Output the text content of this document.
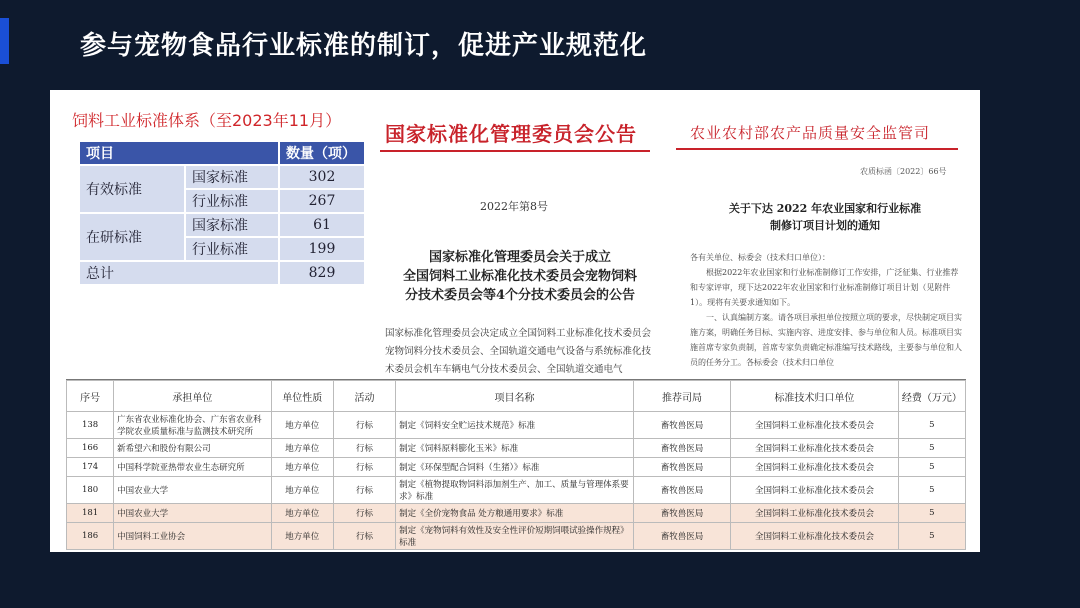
参与宠物食品行业标准的制订，促进产业规范化
饲料工业标准体系（至2023年11月）
项目		数量（项）
有效标准	国家标准	302
	行业标准	267
在研标准	国家标准	61
	行业标准	199
总计		829
国家标准化管理委员会公告
2022年第8号
国家标准化管理委员会关于成立
全国饲料工业标准化技术委员会宠物饲料
分技术委员会等4个分技术委员会的公告
国家标准化管理委员会决定成立全国饲料工业标准化技术委员会宠物饲料分技术委员会、全国轨道交通电气设备与系统标准化技术委员会机车车辆电气分技术委员会、全国轨道交通电气
农业农村部农产品质量安全监管司
农质标函〔2022〕66号
关于下达 2022 年农业国家和行业标准
制修订项目计划的通知

各有关单位、标委会（技术归口单位）：

根据2022年农业国家和行业标准制修订工作安排，广泛征集、行业推荐和专家评审，现下达2022年农业国家和行业标准制修订项目计划（见附件1）。现将有关要求通知如下。

一、认真编制方案。请各项目承担单位按照立项的要求，尽快制定项目实施方案，明确任务目标、实施内容、进度安排、参与单位和人员。标准项目实施首席专家负责制，首席专家负责确定标准编写技术路线，主要参与单位和人员的任务分工。各标委会（技术归口单位

序号	承担单位	单位性质	活动	项目名称	推荐司局	标准技术归口单位	经费（万元）
138	广东省农业标准化协会、广东省农业科学院农业质量标准与监测技术研究所	地方单位	行标	制定《饲料安全贮运技术规范》标准	畜牧兽医局	全国饲料工业标准化技术委员会	5
166	新希望六和股份有限公司	地方单位	行标	制定《饲料原料膨化玉米》标准	畜牧兽医局	全国饲料工业标准化技术委员会	5
174	中国科学院亚热带农业生态研究所	地方单位	行标	制定《环保型配合饲料（生猪）》标准	畜牧兽医局	全国饲料工业标准化技术委员会	5
180	中国农业大学	地方单位	行标	制定《植物提取物饲料添加剂生产、加工、质量与管理体系要求》标准	畜牧兽医局	全国饲料工业标准化技术委员会	5
181	中国农业大学	地方单位	行标	制定《全价宠物食品 处方粮通用要求》标准	畜牧兽医局	全国饲料工业标准化技术委员会	5
186	中国饲料工业协会	地方单位	行标	制定《宠物饲料有效性及安全性评价短期饲喂试验操作规程》标准	畜牧兽医局	全国饲料工业标准化技术委员会	5
